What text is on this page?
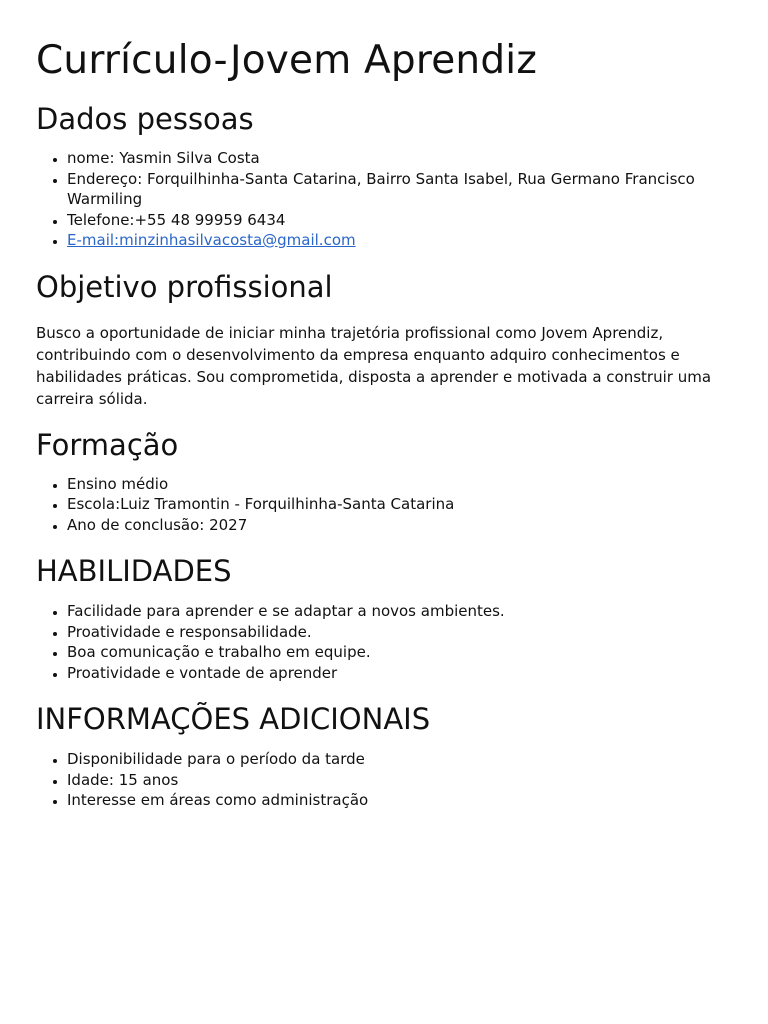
Currículo-Jovem Aprendiz
Dados pessoas
• nome: Yasmin Silva Costa
• Endereço: Forquilhinha-Santa Catarina, Bairro Santa Isabel, Rua Germano Francisco Warmiling
• Telefone:+55 48 99959 6434
• E-mail:minzinhasilvacosta@gmail.com
Objetivo profissional

Busco a oportunidade de iniciar minha trajetória profissional como Jovem Aprendiz, contribuindo com o desenvolvimento da empresa enquanto adquiro conhecimentos e habilidades práticas. Sou comprometida, disposta a aprender e motivada a construir uma carreira sólida.

Formação
• Ensino médio
• Escola:Luiz Tramontin - Forquilhinha-Santa Catarina
• Ano de conclusão: 2027
HABILIDADES
• Facilidade para aprender e se adaptar a novos ambientes.
• Proatividade e responsabilidade.
• Boa comunicação e trabalho em equipe.
• Proatividade e vontade de aprender
INFORMAÇÕES ADICIONAIS
• Disponibilidade para o período da tarde
• Idade: 15 anos
• Interesse em áreas como administração
